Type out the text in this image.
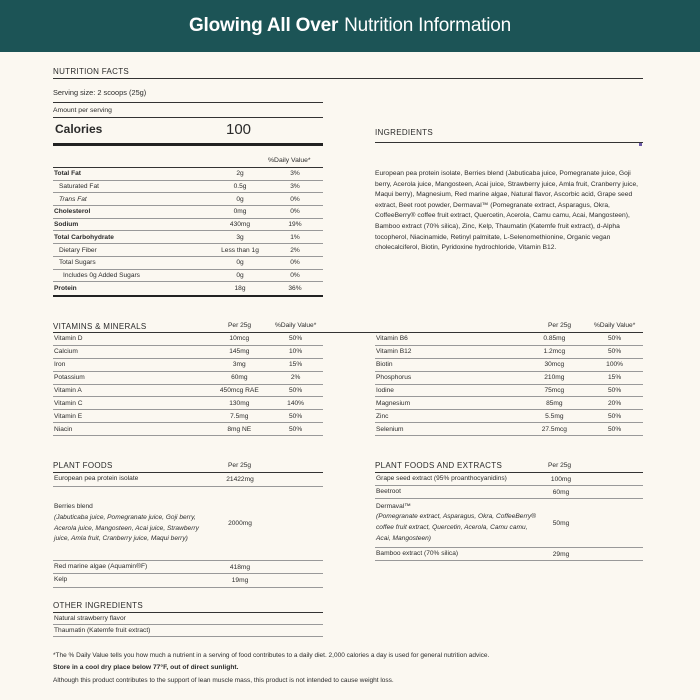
Glowing All Over Nutrition Information
NUTRITION FACTS
Serving size: 2 scoops (25g)
Amount per serving
Calories	100
%Daily Value*
Total Fat	2g	3%
Saturated Fat	0.5g	3%
Trans Fat	0g	0%
Cholesterol	0mg	0%
Sodium	430mg	19%
Total Carbohydrate	3g	1%
Dietary Fiber	Less than 1g	2%
Total Sugars	0g	0%
Includes 0g Added Sugars	0g	0%
Protein	18g	36%
INGREDIENTS
European pea protein isolate, Berries blend (Jabuticaba juice, Pomegranate juice, Goji berry, Acerola juice, Mangosteen, Acai juice, Strawberry juice, Amla fruit, Cranberry juice, Maqui berry), Magnesium, Red marine algae, Natural flavor, Ascorbic acid, Grape seed extract, Beet root powder, Dermaval™ (Pomegranate extract, Asparagus, Okra, CoffeeBerry® coffee fruit extract, Quercetin, Acerola, Camu camu, Acai, Mangosteen), Bamboo extract (70% silica), Zinc, Kelp, Thaumatin (Katemfe fruit extract), d-Alpha tocopherol, Niacinamide, Retinyl palmitate, L-Selenomethionine, Organic vegan cholecalciferol, Biotin, Pyridoxine hydrochloride, Vitamin B12.
VITAMINS & MINERALS	Per 25g	%Daily Value*	Per 25g	%Daily Value*
Vitamin D	10mcg	50%
Calcium	145mg	10%
Iron	3mg	15%
Potassium	60mg	2%
Vitamin A	450mcg RAE	50%
Vitamin C	130mg	140%
Vitamin E	7.5mg	50%
Niacin	8mg NE	50%
Vitamin B6	0.85mg	50%
Vitamin B12	1.2mcg	50%
Biotin	30mcg	100%
Phosphorus	210mg	15%
Iodine	75mcg	50%
Magnesium	85mg	20%
Zinc	5.5mg	50%
Selenium	27.5mcg	50%
PLANT FOODS	Per 25g
European pea protein isolate	21422mg
Berries blend
(Jabuticaba juice, Pomegranate juice, Goji berry, Acerola juice, Mangosteen, Acai juice, Strawberry juice, Amla fruit, Cranberry juice, Maqui berry)
2000mg
Red marine algae (Aquamin®F)	418mg
Kelp	19mg
PLANT FOODS AND EXTRACTS	Per 25g
Grape seed extract (95% proanthocyanidins)	100mg
Beetroot	60mg
Dermaval™
(Pomegranate extract, Asparagus, Okra, CoffeeBerry® coffee fruit extract, Quercetin, Acerola, Camu camu, Acai, Mangosteen)
50mg
Bamboo extract (70% silica)	29mg
OTHER INGREDIENTS
Natural strawberry flavor
Thaumatin (Katemfe fruit extract)
*The % Daily Value tells you how much a nutrient in a serving of food contributes to a daily diet. 2,000 calories a day is used for general nutrition advice.
Store in a cool dry place below 77°F, out of direct sunlight.
Although this product contributes to the support of lean muscle mass, this product is not intended to cause weight loss.
